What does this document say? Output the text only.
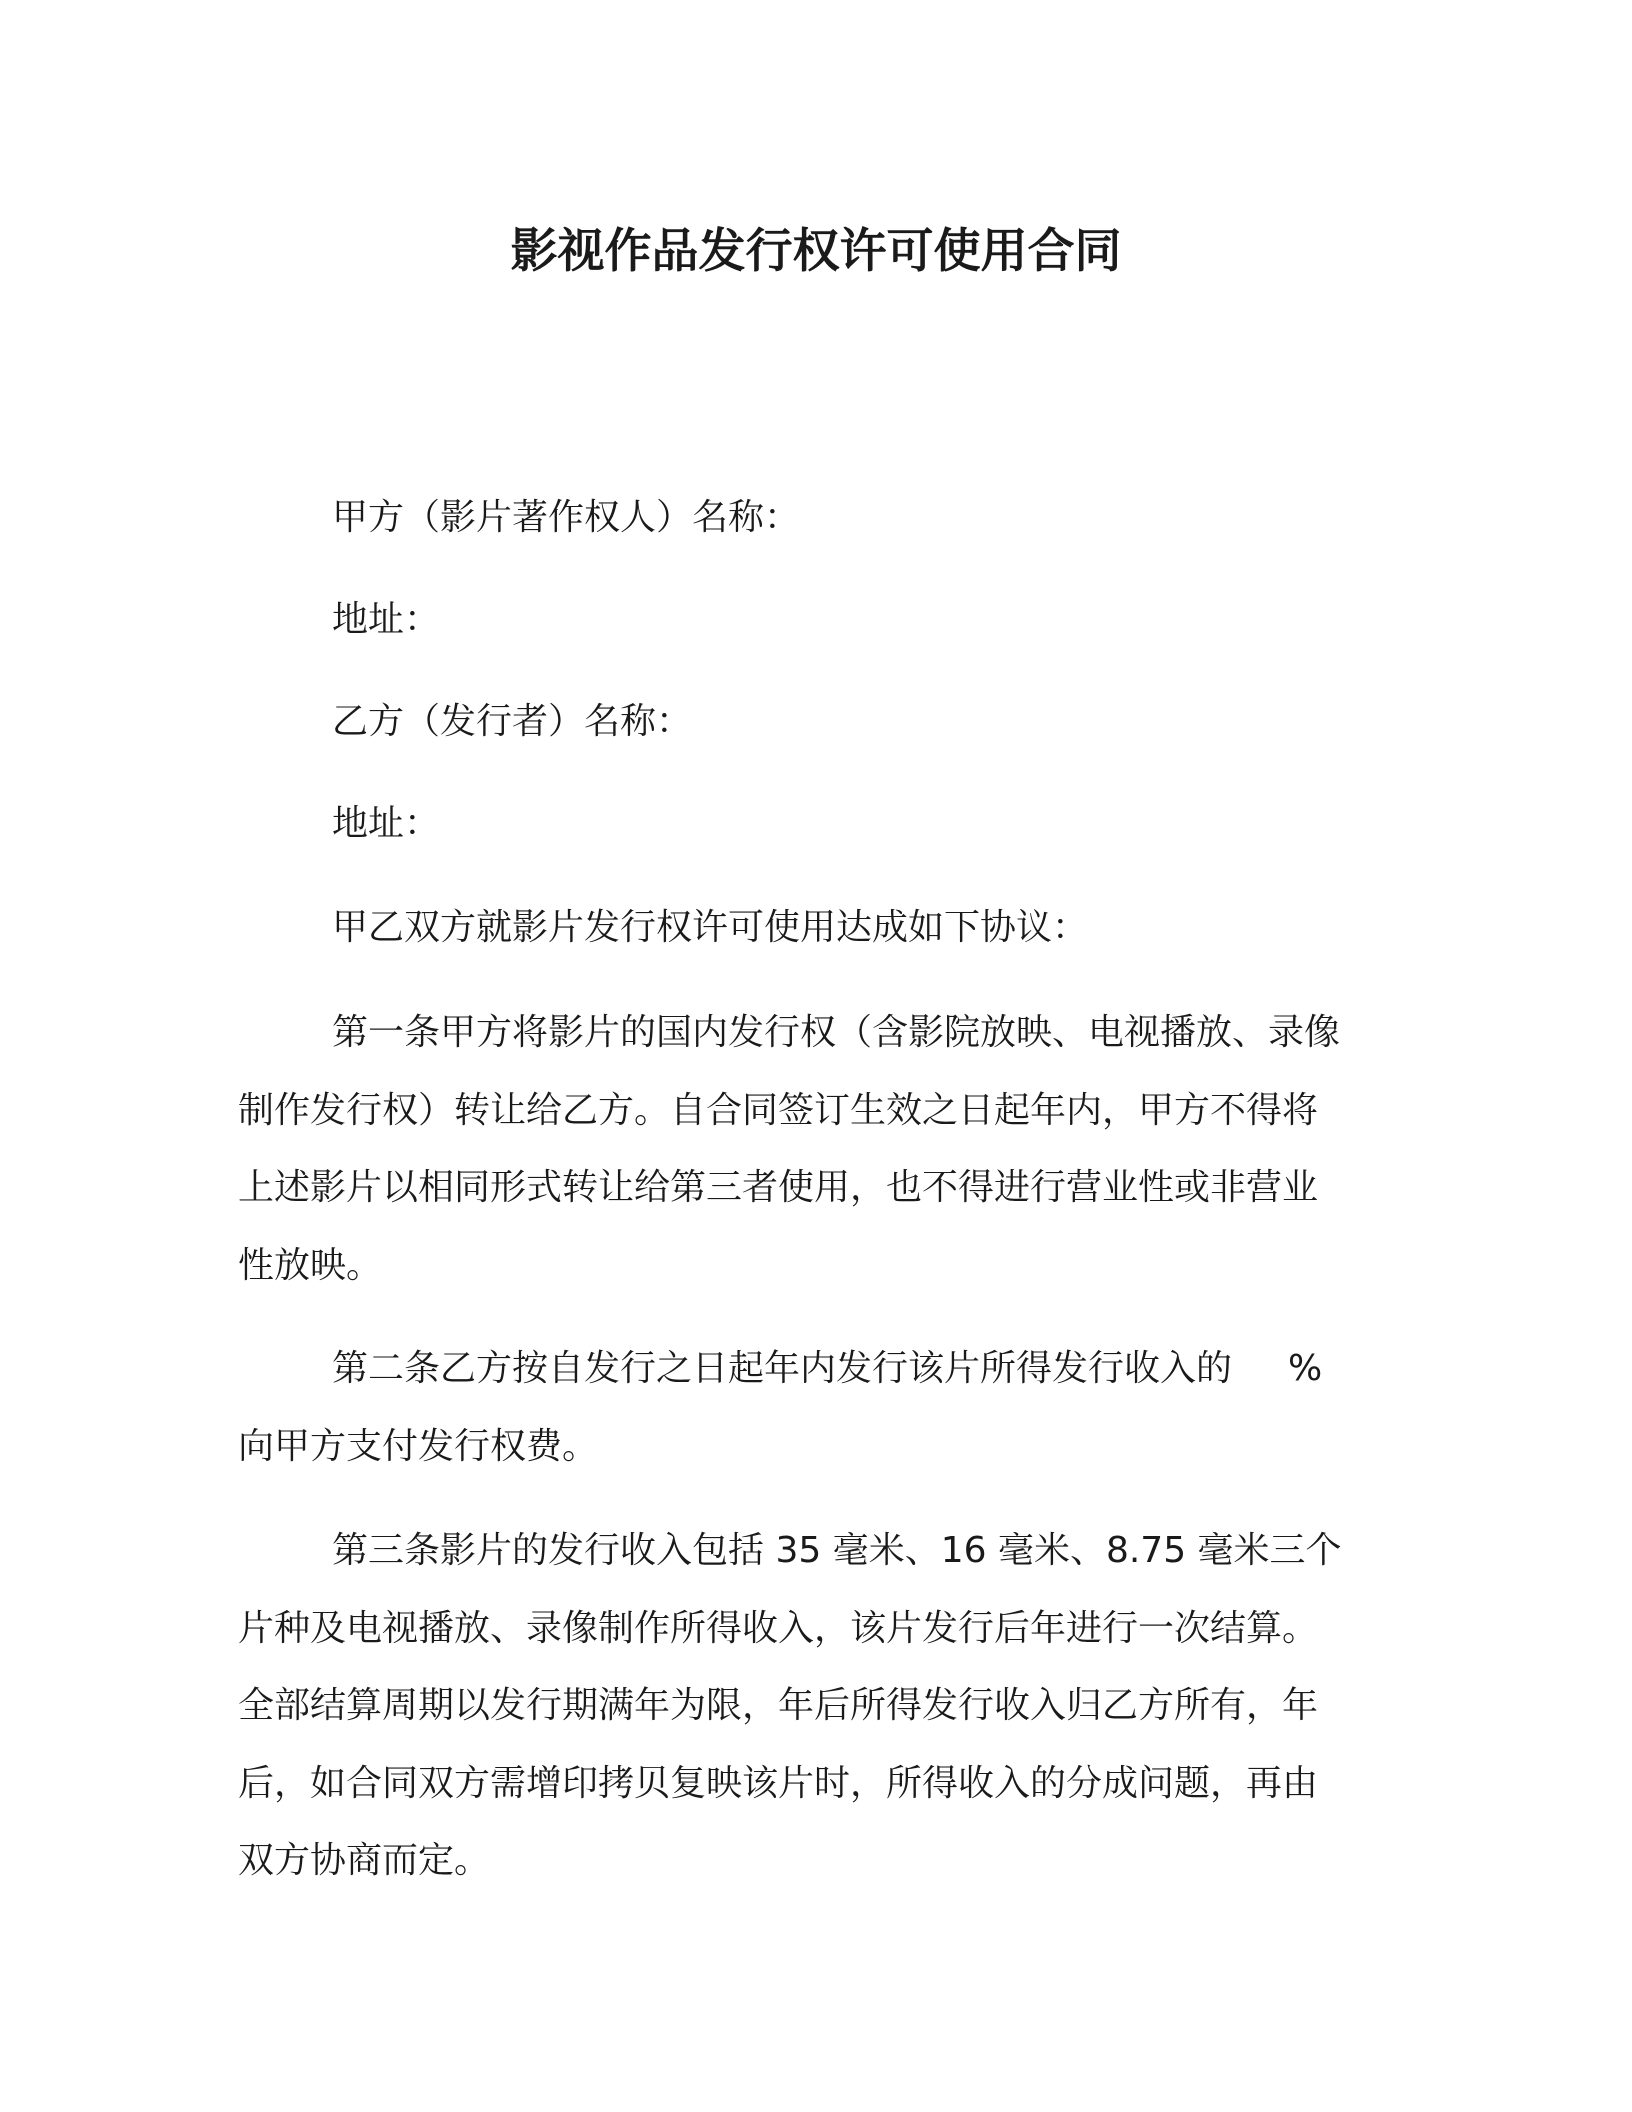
影视作品发行权许可使用合同
甲方（影片著作权人）名称：
地址：
乙方（发行者）名称：
地址：
甲乙双方就影片发行权许可使用达成如下协议：
第一条甲方将影片的国内发行权（含影院放映、电视播放、录像
制作发行权）转让给乙方。自合同签订生效之日起年内，甲方不得将
上述影片以相同形式转让给第三者使用，也不得进行营业性或非营业
性放映。
第二条乙方按自发行之日起年内发行该片所得发行收入的 %
向甲方支付发行权费。
第三条影片的发行收入包括 35 毫米、16 毫米、8.75 毫米三个
片种及电视播放、录像制作所得收入，该片发行后年进行一次结算。
全部结算周期以发行期满年为限，年后所得发行收入归乙方所有，年
后，如合同双方需增印拷贝复映该片时，所得收入的分成问题，再由
双方协商而定。
